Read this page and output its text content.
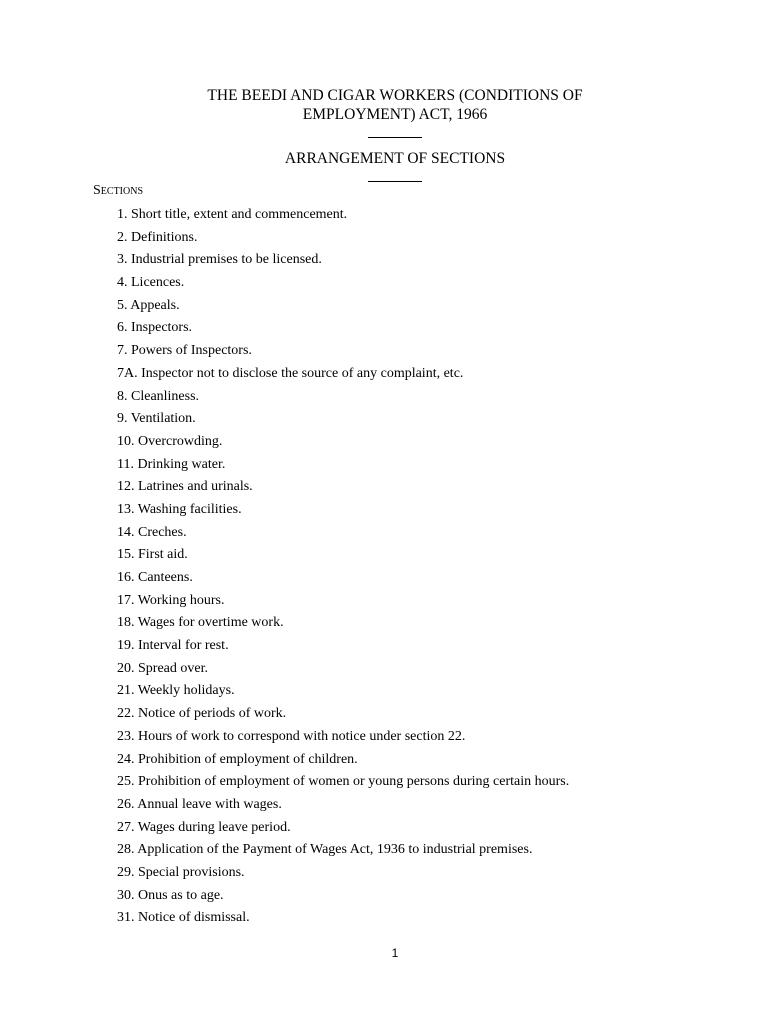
THE BEEDI AND CIGAR WORKERS (CONDITIONS OF
EMPLOYMENT) ACT, 1966
ARRANGEMENT OF SECTIONS
Sections
1. Short title, extent and commencement.
2. Definitions.
3. Industrial premises to be licensed.
4. Licences.
5. Appeals.
6. Inspectors.
7. Powers of Inspectors.
7A. Inspector not to disclose the source of any complaint, etc.
8. Cleanliness.
9. Ventilation.
10. Overcrowding.
11. Drinking water.
12. Latrines and urinals.
13. Washing facilities.
14. Creches.
15. First aid.
16. Canteens.
17. Working hours.
18. Wages for overtime work.
19. Interval for rest.
20. Spread over.
21. Weekly holidays.
22. Notice of periods of work.
23. Hours of work to correspond with notice under section 22.
24. Prohibition of employment of children.
25. Prohibition of employment of women or young persons during certain hours.
26. Annual leave with wages.
27. Wages during leave period.
28. Application of the Payment of Wages Act, 1936 to industrial premises.
29. Special provisions.
30. Onus as to age.
31. Notice of dismissal.
1
